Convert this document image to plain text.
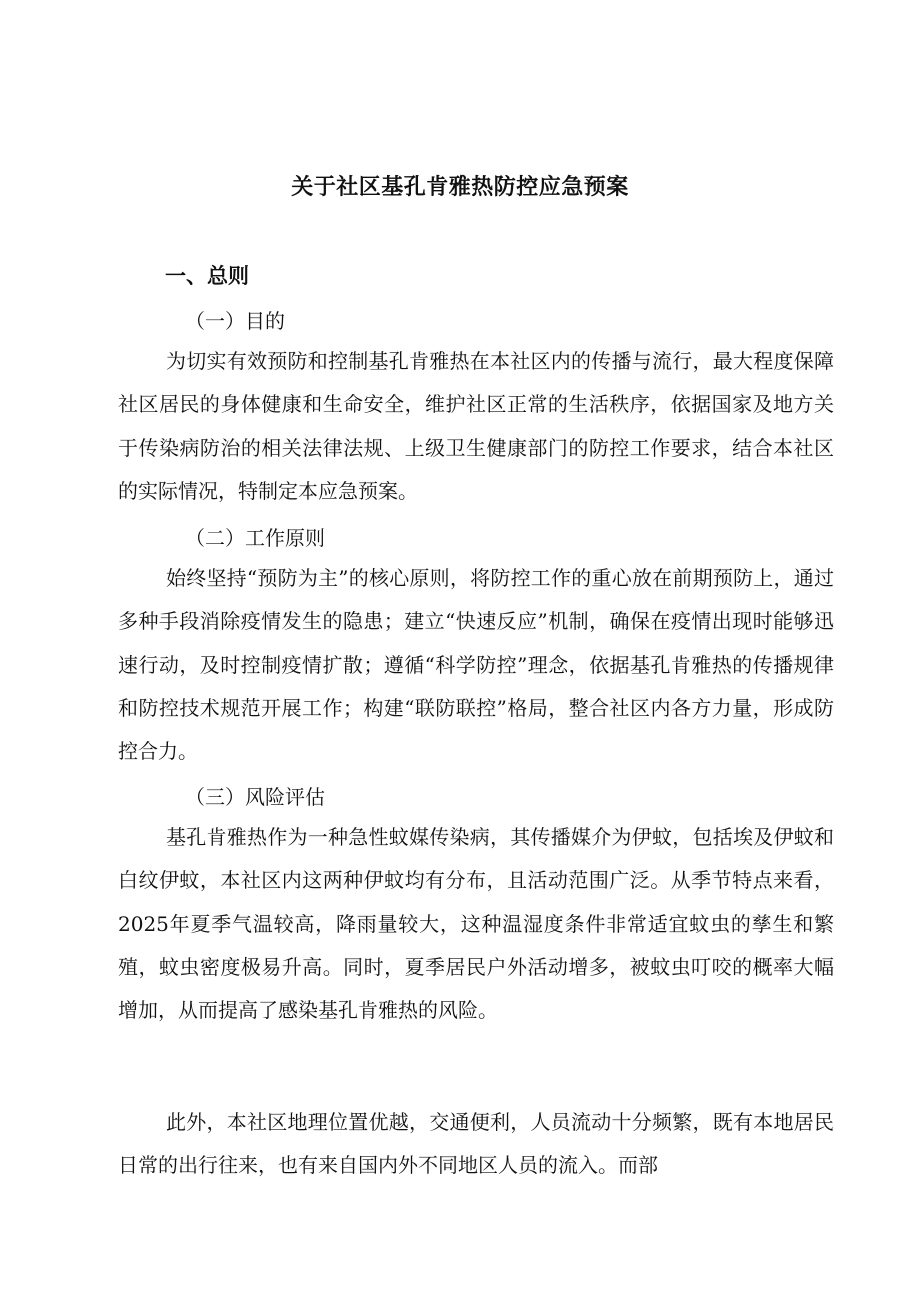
关于社区基孔肯雅热防控应急预案
一、总则
（一）目的

为切实有效预防和控制基孔肯雅热在本社区内的传播与流行，最大程度保障社区居民的身体健康和生命安全，维护社区正常的生活秩序，依据国家及地方关于传染病防治的相关法律法规、上级卫生健康部门的防控工作要求，结合本社区的实际情况，特制定本应急预案。

（二）工作原则

始终坚持“预防为主”的核心原则，将防控工作的重心放在前期预防上，通过多种手段消除疫情发生的隐患；建立“快速反应”机制，确保在疫情出现时能够迅速行动，及时控制疫情扩散；遵循“科学防控”理念，依据基孔肯雅热的传播规律和防控技术规范开展工作；构建“联防联控”格局，整合社区内各方力量，形成防控合力。

（三）风险评估

基孔肯雅热作为一种急性蚊媒传染病，其传播媒介为伊蚊，包括埃及伊蚊和白纹伊蚊，本社区内这两种伊蚊均有分布，且活动范围广泛。从季节特点来看，2025年夏季气温较高，降雨量较大，这种温湿度条件非常适宜蚊虫的孳生和繁殖，蚊虫密度极易升高。同时，夏季居民户外活动增多，被蚊虫叮咬的概率大幅增加，从而提高了感染基孔肯雅热的风险。

此外，本社区地理位置优越，交通便利，人员流动十分频繁，既有本地居民日常的出行往来，也有来自国内外不同地区人员的流入。而部
